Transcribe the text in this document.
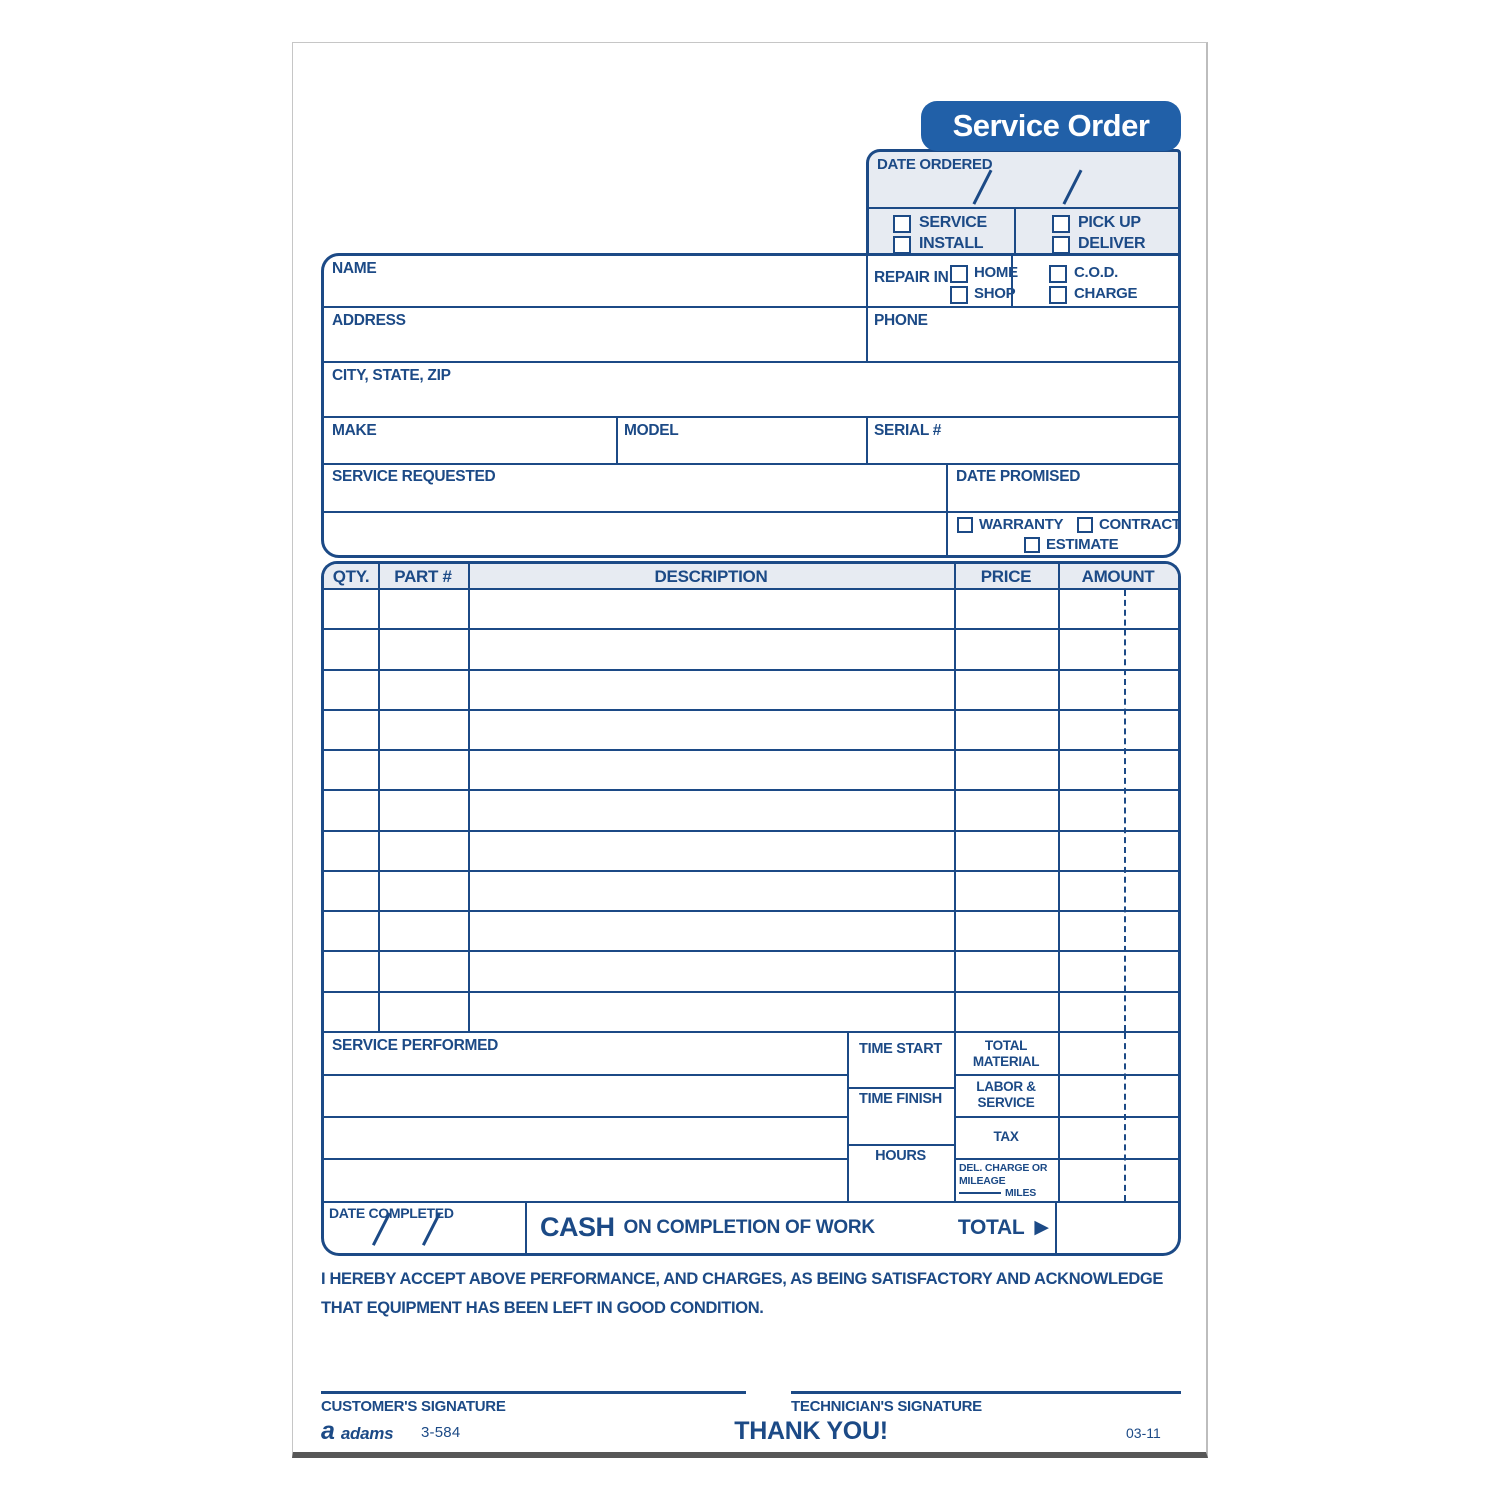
Service Order
DATE ORDERED
SERVICE
INSTALL
PICK UP
DELIVER
NAME
ADDRESS	PHONE
CITY, STATE, ZIP
MAKE	MODEL	SERIAL #
SERVICE REQUESTED	DATE PROMISED
REPAIR IN HOME
SHOP
C.O.D.
CHARGE
WARRANTY CONTRACT
ESTIMATE
QTY.	PART #	DESCRIPTION	PRICE	AMOUNT
SERVICE PERFORMED	TIME START
TIME FINISH
HOURS
TOTAL MATERIAL
LABOR & SERVICE
TAX
DEL. CHARGE OR MILEAGE
MILES
DATE COMPLETED	CASH ON COMPLETION OF WORK	TOTAL ▶
I HEREBY ACCEPT ABOVE PERFORMANCE, AND CHARGES, AS BEING SATISFACTORY AND ACKNOWLEDGE THAT EQUIPMENT HAS BEEN LEFT IN GOOD CONDITION.
CUSTOMER'S SIGNATURE	TECHNICIAN'S SIGNATURE
a adams 3-584	THANK YOU!	03-11
